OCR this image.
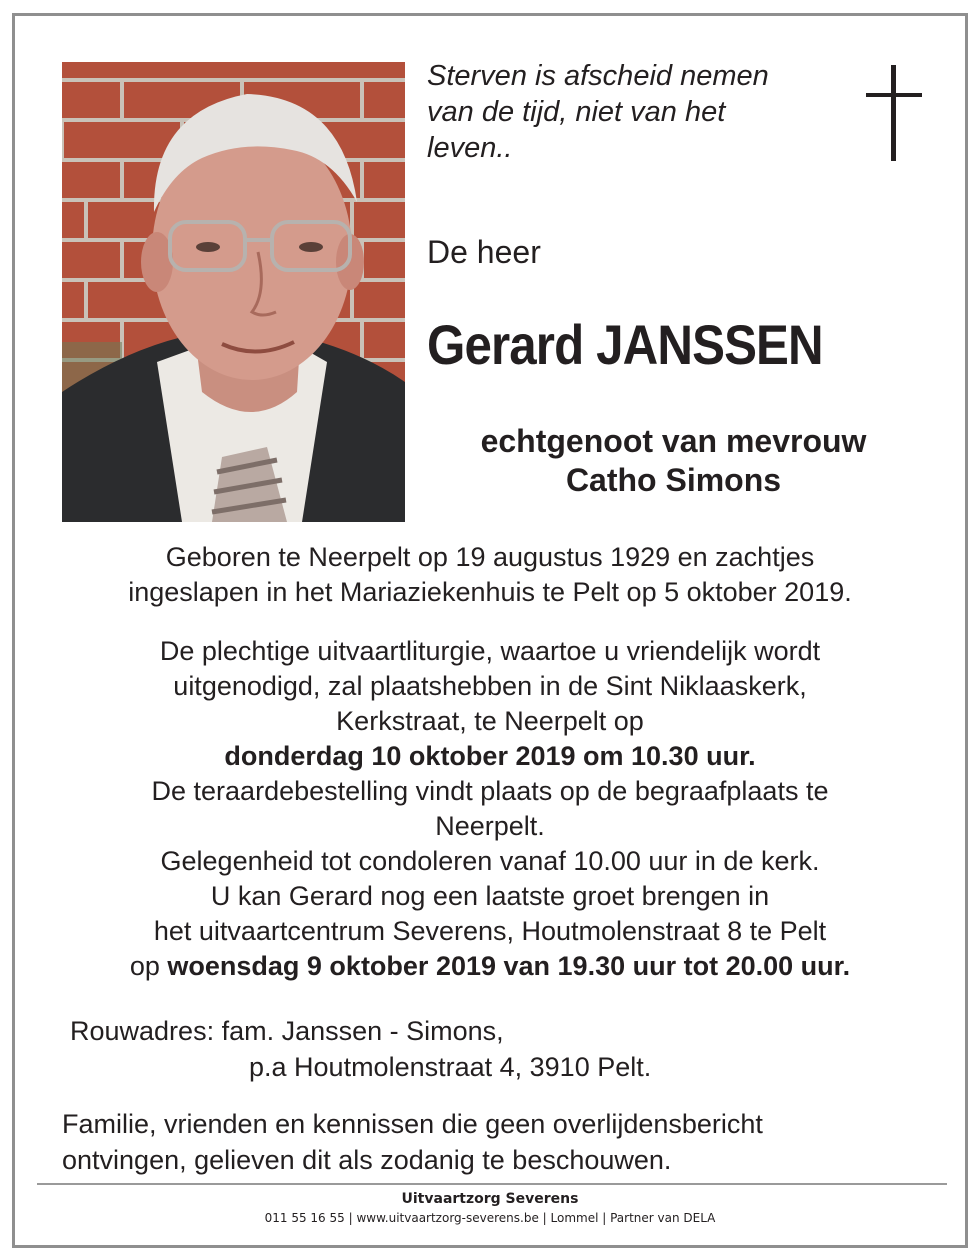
Sterven is afscheid nemen
van de tijd, niet van het
leven..
De heer
Gerard JANSSEN
echtgenoot van mevrouw
Catho Simons
Geboren te Neerpelt op 19 augustus 1929 en zachtjes
ingeslapen in het Mariaziekenhuis te Pelt op 5 oktober 2019.
De plechtige uitvaartliturgie, waartoe u vriendelijk wordt
uitgenodigd, zal plaatshebben in de Sint Niklaaskerk,
Kerkstraat, te Neerpelt op
donderdag 10 oktober 2019 om 10.30 uur.
De teraardebestelling vindt plaats op de begraafplaats te
Neerpelt.
Gelegenheid tot condoleren vanaf 10.00 uur in de kerk.
U kan Gerard nog een laatste groet brengen in
het uitvaartcentrum Severens, Houtmolenstraat 8 te Pelt
op woensdag 9 oktober 2019 van 19.30 uur tot 20.00 uur.
Rouwadres: fam. Janssen - Simons,
p.a Houtmolenstraat 4, 3910 Pelt.
Familie, vrienden en kennissen die geen overlijdensbericht
ontvingen, gelieven dit als zodanig te beschouwen.
Uitvaartzorg Severens
011 55 16 55 | www.uitvaartzorg-severens.be | Lommel | Partner van DELA
